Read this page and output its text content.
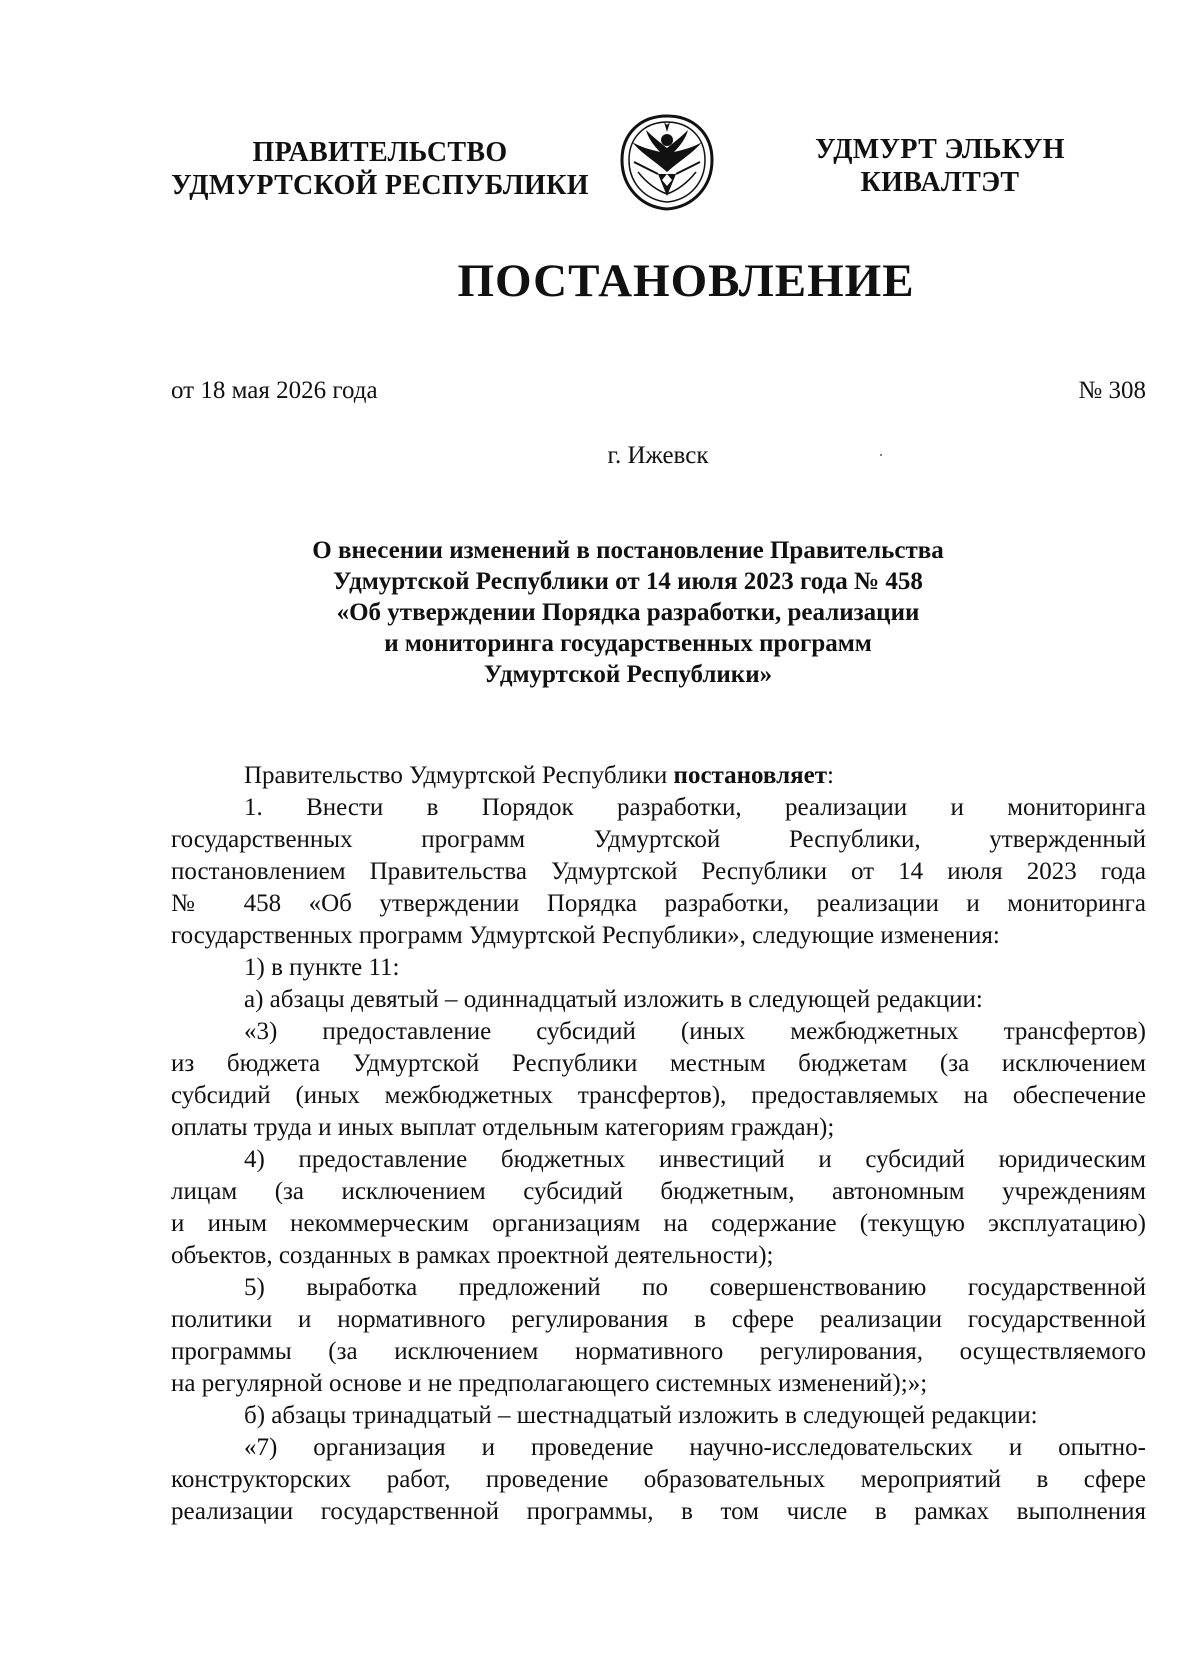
ПРАВИТЕЛЬСТВО
УДМУРТСКОЙ РЕСПУБЛИКИ
УДМУРТ ЭЛЬКУН
КИВАЛТЭТ
ПОСТАНОВЛЕНИЕ
от 18 мая 2026 года	№ 308
г. Ижевск
О внесении изменений в постановление Правительства
Удмуртской Республики от 14 июля 2023 года № 458
«Об утверждении Порядка разработки, реализации
и мониторинга государственных программ
Удмуртской Республики»
Правительство Удмуртской Республики постановляет:
1. Внести в Порядок разработки, реализации и мониторинга
государственных программ Удмуртской Республики, утвержденный
постановлением Правительства Удмуртской Республики от 14 июля 2023 года
№ 458 «Об утверждении Порядка разработки, реализации и мониторинга
государственных программ Удмуртской Республики», следующие изменения:
1) в пункте 11:
а) абзацы девятый – одиннадцатый изложить в следующей редакции:
«3) предоставление субсидий (иных межбюджетных трансфертов)
из бюджета Удмуртской Республики местным бюджетам (за исключением
субсидий (иных межбюджетных трансфертов), предоставляемых на обеспечение
оплаты труда и иных выплат отдельным категориям граждан);
4) предоставление бюджетных инвестиций и субсидий юридическим
лицам (за исключением субсидий бюджетным, автономным учреждениям
и иным некоммерческим организациям на содержание (текущую эксплуатацию)
объектов, созданных в рамках проектной деятельности);
5) выработка предложений по совершенствованию государственной
политики и нормативного регулирования в сфере реализации государственной
программы (за исключением нормативного регулирования, осуществляемого
на регулярной основе и не предполагающего системных изменений);»;
б) абзацы тринадцатый – шестнадцатый изложить в следующей редакции:
«7) организация и проведение научно-исследовательских и опытно-
конструкторских работ, проведение образовательных мероприятий в сфере
реализации государственной программы, в том числе в рамках выполнения
